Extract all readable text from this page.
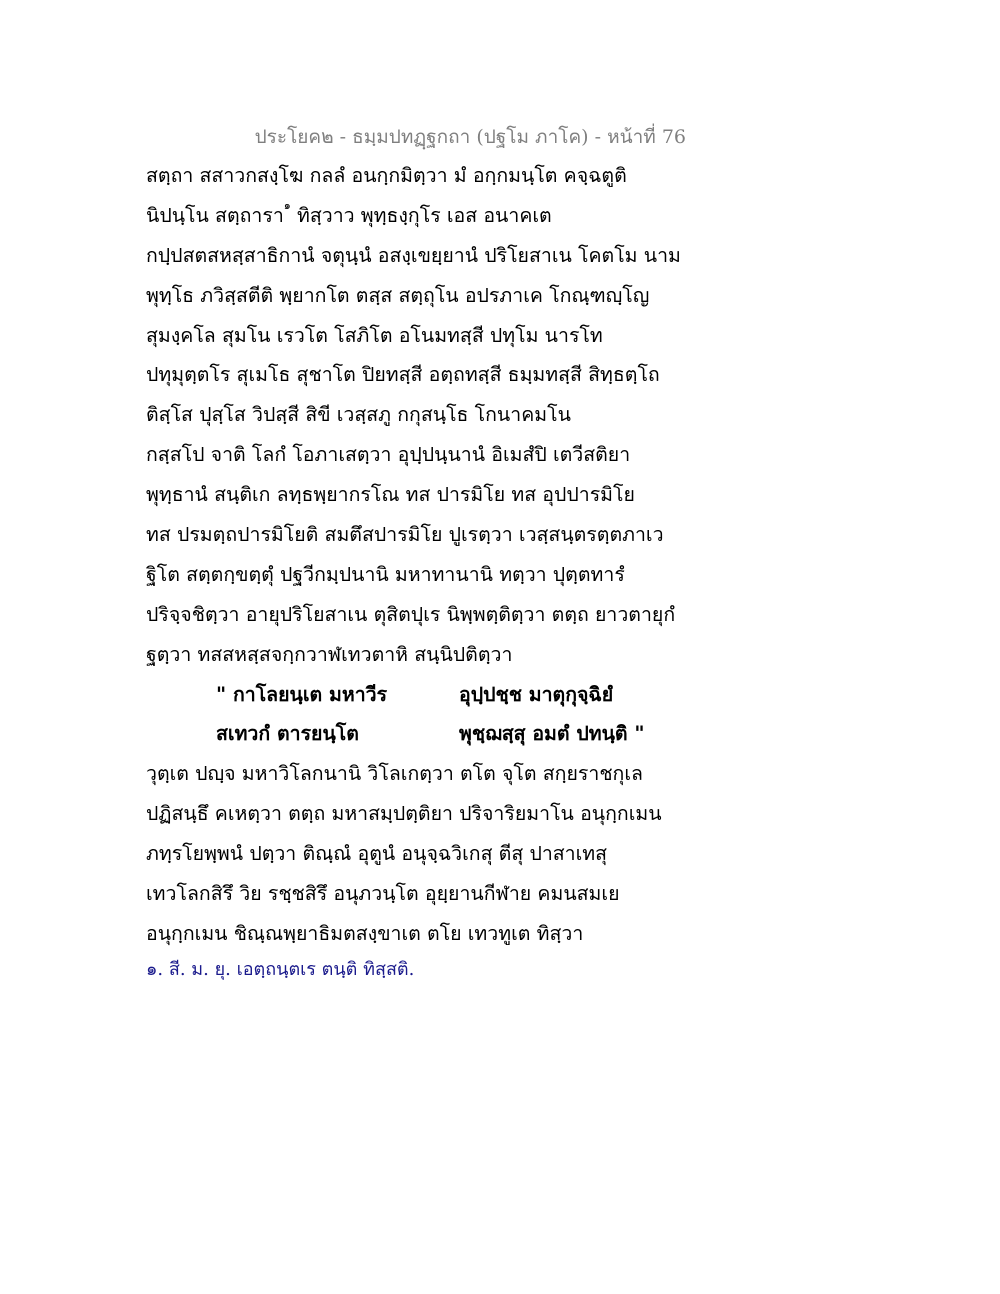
ประโยค๒ - ธมฺมปทฏฺฐกถา (ปฐโม ภาโค) - หน้าที่ 76
สตฺถา สสาวกสงฺโฆ กลลํ อนกฺกมิตฺวา มํ อกฺกมนฺโต คจฺฉตูติ
นิปนฺโน สตฺถารา$^๑$ ทิสฺวาว พุทฺธงฺกุโร เอส อนาคเต
กปฺปสตสหสฺสาธิกานํ จตุนฺนํ อสงฺเขยฺยานํ ปริโยสาเน โคตโม นาม
พุทฺโธ ภวิสฺสตีติ พฺยากโต ตสฺส สตฺถุโน อปรภาเค โกณฺฑญฺโญ
สุมงฺคโล สุมโน เรวโต โสภิโต อโนมทสฺสี ปทุโม นารโท
ปทุมุตฺตโร สุเมโธ สุชาโต ปิยทสฺสี อตฺถทสฺสี ธมฺมทสฺสี สิทฺธตฺโถ
ติสฺโส ปุสฺโส วิปสฺสี สิขี เวสฺสภู กกุสนฺโธ โกนาคมโน
กสฺสโป จาติ โลกํ โอภาเสตฺวา อุปฺปนฺนานํ อิเมสํปิ เตวีสติยา
พุทฺธานํ สนฺติเก ลทฺธพฺยากรโณ ทส ปารมิโย ทส อุปปารมิโย
ทส ปรมตฺถปารมิโยติ สมตึสปารมิโย ปูเรตฺวา เวสฺสนฺตรตฺตภาเว
ฐิโต สตฺตกฺขตฺตุํ ปฐวีกมฺปนานิ มหาทานานิ ทตฺวา ปุตฺตทารํ
ปริจฺจชิตฺวา อายุปริโยสาเน ตุสิตปุเร นิพฺพตฺติตฺวา ตตฺถ ยาวตายุกํ
ฐตฺวา ทสสหสฺสจกฺกวาฬเทวตาหิ สนฺนิปติตฺวา
" กาโลยนฺเต มหาวีร	อุปฺปชฺช มาตุกุจฺฉิยํ
สเทวกํ ตารยนฺโต	พุชฺฌสฺสุ อมตํ ปทนฺติ "
วุตฺเต ปญฺจ มหาวิโลกนานิ วิโลเกตฺวา ตโต จุโต สกฺยราชกุเล
ปฏิสนฺธึ คเหตฺวา ตตฺถ มหาสมฺปตฺติยา ปริจาริยมาโน อนุกฺกเมน
ภทฺรโยพฺพนํ ปตฺวา ติณฺณํ อุตูนํ อนุจฺฉวิเกสุ ตีสุ ปาสาเทสุ
เทวโลกสิรึ วิย รชฺชสิรึ อนุภวนฺโต อุยฺยานกีฬาย คมนสมเย
อนุกฺกเมน ชิณฺณพฺยาธิมตสงฺขาเต ตโย เทวทูเต ทิสฺวา
๑. สี. ม. ยุ. เอตฺถนฺตเร ตนฺติ ทิสฺสติ.
